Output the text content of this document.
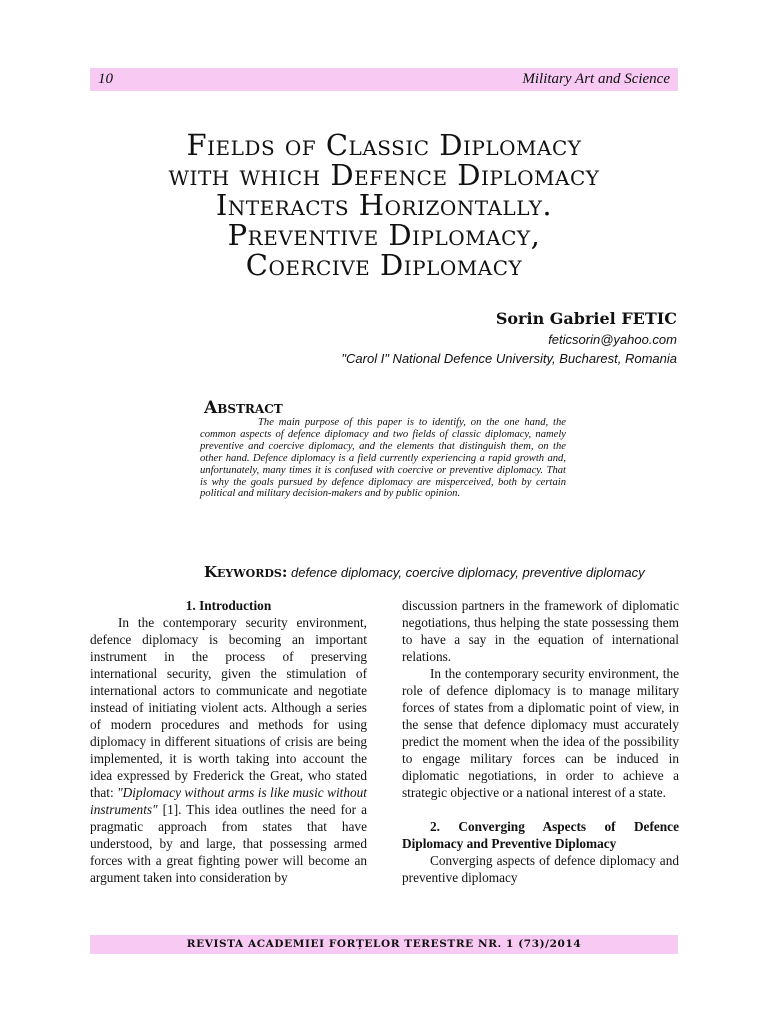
10	Military Art and Science
Fields of Classic Diplomacy
with which Defence Diplomacy
Interacts Horizontally.
Preventive Diplomacy,
Coercive Diplomacy
Sorin Gabriel FETIC
feticsorin@yahoo.com
"Carol I" National Defence University, Bucharest, Romania
Abstract
The main purpose of this paper is to identify, on the one hand, the common aspects of defence diplomacy and two fields of classic diplomacy, namely preventive and coercive diplomacy, and the elements that distinguish them, on the other hand. Defence diplomacy is a field currently experiencing a rapid growth and, unfortunately, many times it is confused with coercive or preventive diplomacy. That is why the goals pursued by defence diplomacy are misperceived, both by certain political and military decision-makers and by public opinion.
Keywords: defence diplomacy, coercive diplomacy, preventive diplomacy

1. Introduction

In the contemporary security environment, defence diplomacy is becoming an important instrument in the process of preserving international security, given the stimulation of international actors to communicate and negotiate instead of initiating violent acts. Although a series of modern procedures and methods for using diplomacy in different situations of crisis are being implemented, it is worth taking into account the idea expressed by Frederick the Great, who stated that: "Diplomacy without arms is like music without instruments" [1]. This idea outlines the need for a pragmatic approach from states that have understood, by and large, that possessing armed forces with a great fighting power will become an argument taken into consideration by

discussion partners in the framework of diplomatic negotiations, thus helping the state possessing them to have a say in the equation of international relations.

In the contemporary security environment, the role of defence diplomacy is to manage military forces of states from a diplomatic point of view, in the sense that defence diplomacy must accurately predict the moment when the idea of the possibility to engage military forces can be induced in diplomatic negotiations, in order to achieve a strategic objective or a national interest of a state.

2. Converging Aspects of Defence Diplomacy and Preventive Diplomacy

Converging aspects of defence diplomacy and preventive diplomacy

REVISTA ACADEMIEI FORȚELOR TERESTRE NR. 1 (73)/2014
